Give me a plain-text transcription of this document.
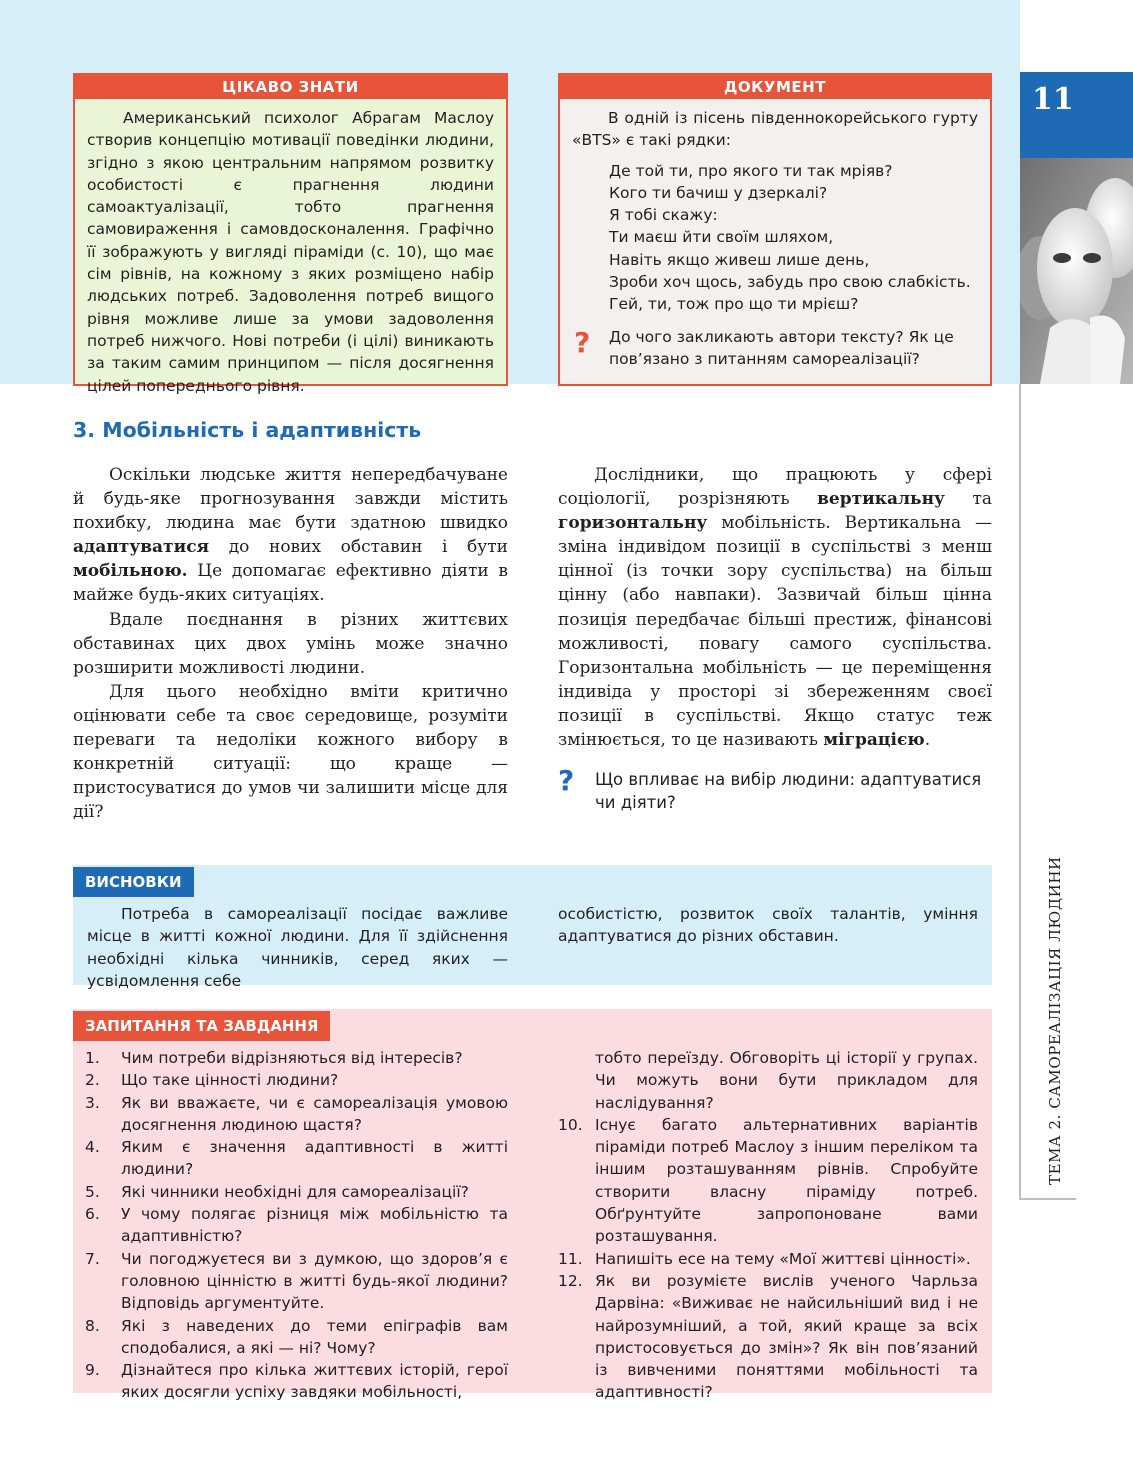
ЦІКАВО ЗНАТИ

Американський психолог Абрагам Маслоу створив концепцію мотивації поведінки людини, згідно з якою центральним напрямом розвитку особистості є прагнення людини самоактуалізації, тобто прагнення самовираження і самовдосконалення. Графічно її зображують у вигляді піраміди (с. 10), що має сім рівнів, на кожному з яких розміщено набір людських потреб. Задоволення потреб вищого рівня можливе лише за умови задоволення потреб нижчого. Нові потреби (і цілі) виникають за таким самим принципом — після досягнення цілей попереднього рівня.

ДОКУМЕНТ

В одній із пісень південнокорейського гурту «BTS» є такі рядки:

Де той ти, про якого ти так мріяв?
Кого ти бачиш у дзеркалі?
Я тобі скажу:
Ти маєш йти своїм шляхом,
Навіть якщо живеш лише день,
Зроби хоч щось, забудь про свою слабкість.
Гей, ти, тож про що ти мрієш?
? До чого закликають автори тексту? Як це пов’язано з питанням самореалізації?
11
ТЕМА 2. САМОРЕАЛІЗАЦІЯ ЛЮДИНИ
3. Мобільність і адаптивність

Оскільки людське життя непередбачуване й будь-яке прогнозування завжди містить похибку, людина має бути здатною швидко адаптуватися до нових обставин і бути мобільною. Це допомагає ефективно діяти в майже будь-яких ситуаціях.

Вдале поєднання в різних життєвих обставинах цих двох умінь може значно розширити можливості людини.

Для цього необхідно вміти критично оцінювати себе та своє середовище, розуміти переваги та недоліки кожного вибору в конкретній ситуації: що краще — пристосуватися до умов чи залишити місце для дії?

Дослідники, що працюють у сфері соціології, розрізняють вертикальну та горизонтальну мобільність. Вертикальна — зміна індивідом позиції в суспільстві з менш цінної (із точки зору суспільства) на більш цінну (або навпаки). Зазвичай більш цінна позиція передбачає більші престиж, фінансові можливості, повагу самого суспільства. Горизонтальна мобільність — це переміщення індивіда у просторі зі збереженням своєї позиції в суспільстві. Якщо статус теж змінюється, то це називають міграцією.

? Що впливає на вибір людини: адаптуватися чи діяти?
ВИСНОВКИ

Потреба в самореалізації посідає важливе місце в житті кожної людини. Для її здійснення необхідні кілька чинників, серед яких — усвідомлення себе

особистістю, розвиток своїх талантів, уміння адаптуватися до різних обставин.

ЗАПИТАННЯ ТА ЗАВДАННЯ
1. Чим потреби відрізняються від інтересів?
2. Що таке цінності людини?
3. Як ви вважаєте, чи є самореалізація умовою досягнення людиною щастя?
4. Яким є значення адаптивності в житті людини?
5. Які чинники необхідні для самореалізації?
6. У чому полягає різниця між мобільністю та адаптивністю?
7. Чи погоджуєтеся ви з думкою, що здоров’я є головною цінністю в житті будь-якої людини? Відповідь аргументуйте.
8. Які з наведених до теми епіграфів вам сподобалися, а які — ні? Чому?
9. Дізнайтеся про кілька життєвих історій, герої яких досягли успіху завдяки мобільності,
тобто переїзду. Обговоріть ці історії у групах. Чи можуть вони бути прикладом для наслідування?
10. Існує багато альтернативних варіантів піраміди потреб Маслоу з іншим переліком та іншим розташуванням рівнів. Спробуйте створити власну піраміду потреб. Обґрунтуйте запропоноване вами розташування.
11. Напишіть есе на тему «Мої життєві цінності».
12. Як ви розумієте вислів ученого Чарльза Дарвіна: «Виживає не найсильніший вид і не найрозумніший, а той, який краще за всіх пристосовується до змін»? Як він пов’язаний із вивченими поняттями мобільності та адаптивності?
